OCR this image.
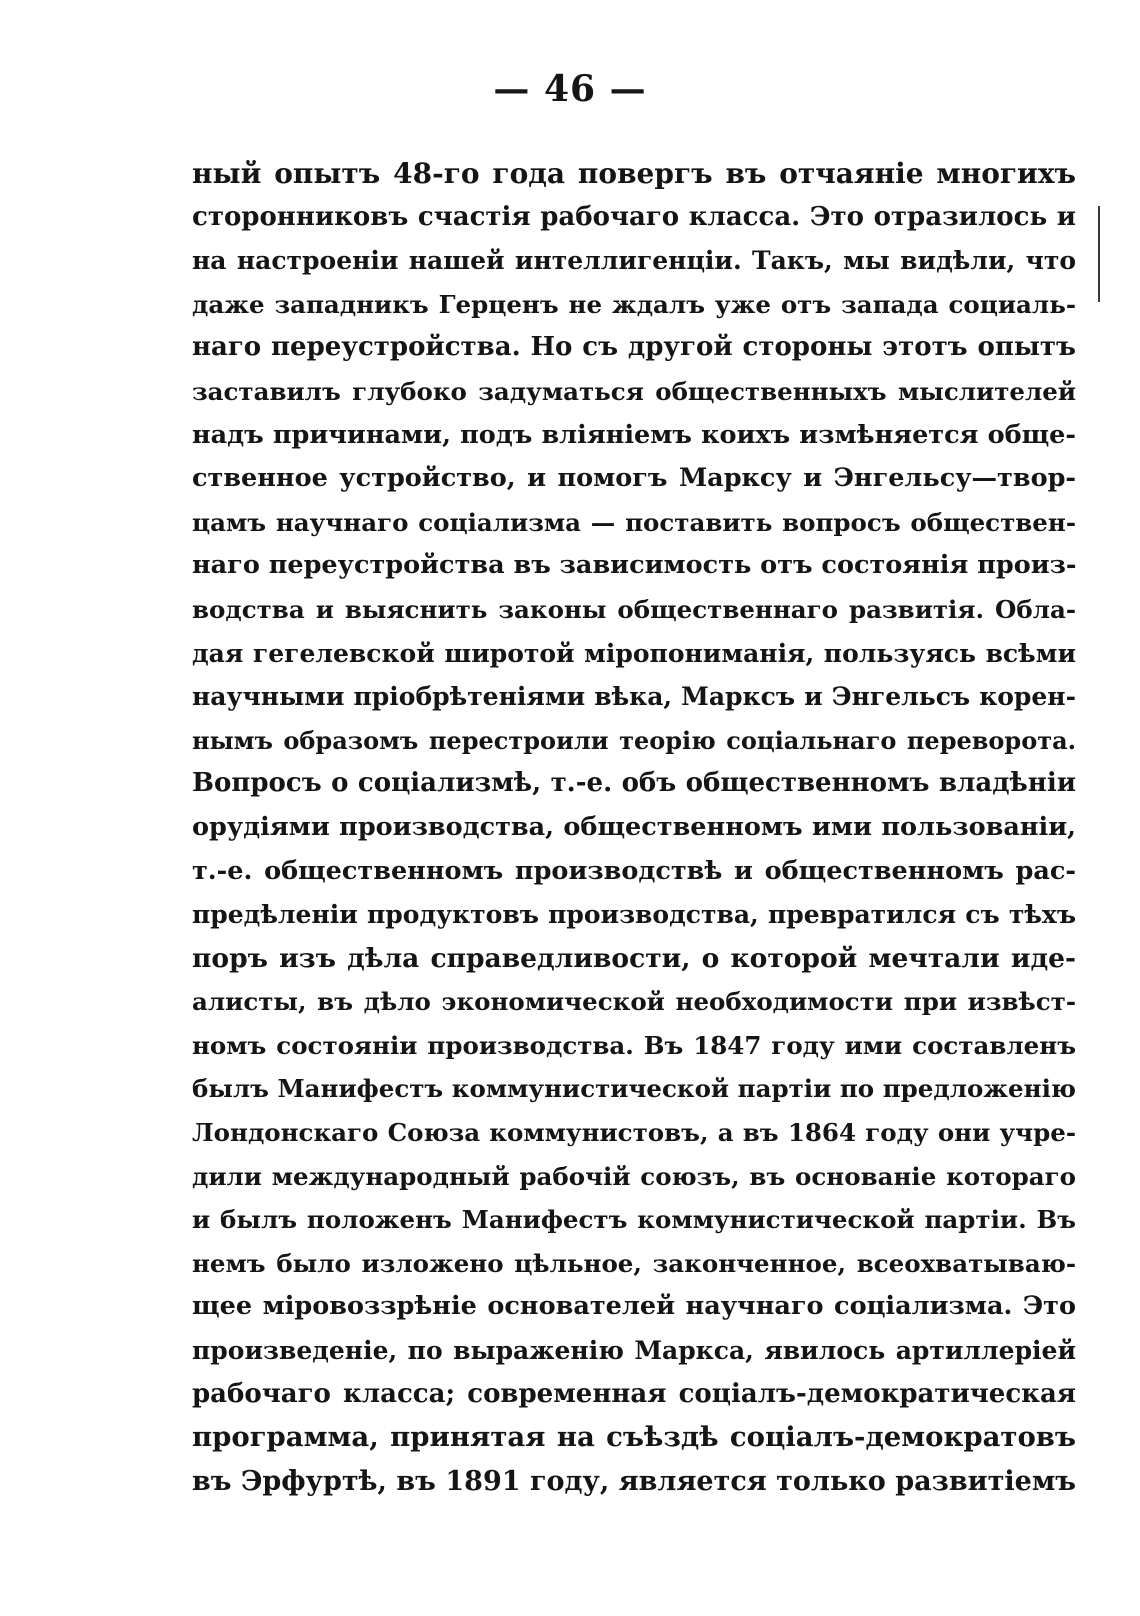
— 46 —
ный опытъ 48-го года повергъ въ отчаяніе многихъ
сторонниковъ счастія рабочаго класса. Это отразилось и
на настроеніи нашей интеллигенціи. Такъ, мы видѣли, что
даже западникъ Герценъ не ждалъ уже отъ запада социаль-
наго переустройства. Но съ другой стороны этотъ опытъ
заставилъ глубоко задуматься общественныхъ мыслителей
надъ причинами, подъ вліяніемъ коихъ измѣняется обще-
ственное устройство, и помогъ Марксу и Энгельсу—твор-
цамъ научнаго соціализма — поставить вопросъ обществен-
наго переустройства въ зависимость отъ состоянія произ-
водства и выяснить законы общественнаго развитія. Обла-
дая гегелевской широтой міропониманія, пользуясь всѣми
научными пріобрѣтеніями вѣка, Марксъ и Энгельсъ корен-
нымъ образомъ перестроили теорію соціальнаго переворота.
Вопросъ о соціализмѣ, т.-е. объ общественномъ владѣніи
орудіями производства, общественномъ ими пользованіи,
т.-е. общественномъ производствѣ и общественномъ рас-
предѣленіи продуктовъ производства, превратился съ тѣхъ
поръ изъ дѣла справедливости, о которой мечтали иде-
алисты, въ дѣло экономической необходимости при извѣст-
номъ состояніи производства. Въ 1847 году ими составленъ
былъ Манифестъ коммунистической партіи по предложенію
Лондонскаго Союза коммунистовъ, а въ 1864 году они учре-
дили международный рабочій союзъ, въ основаніе котораго
и былъ положенъ Манифестъ коммунистической партіи. Въ
немъ было изложено цѣльное, законченное, всеохватываю-
щее міровоззрѣніе основателей научнаго соціализма. Это
произведеніе, по выраженію Маркса, явилось артиллеріей
рабочаго класса; современная соціалъ-демократическая
программа, принятая на съѣздѣ соціалъ-демократовъ
въ Эрфуртѣ, въ 1891 году, является только развитіемъ
